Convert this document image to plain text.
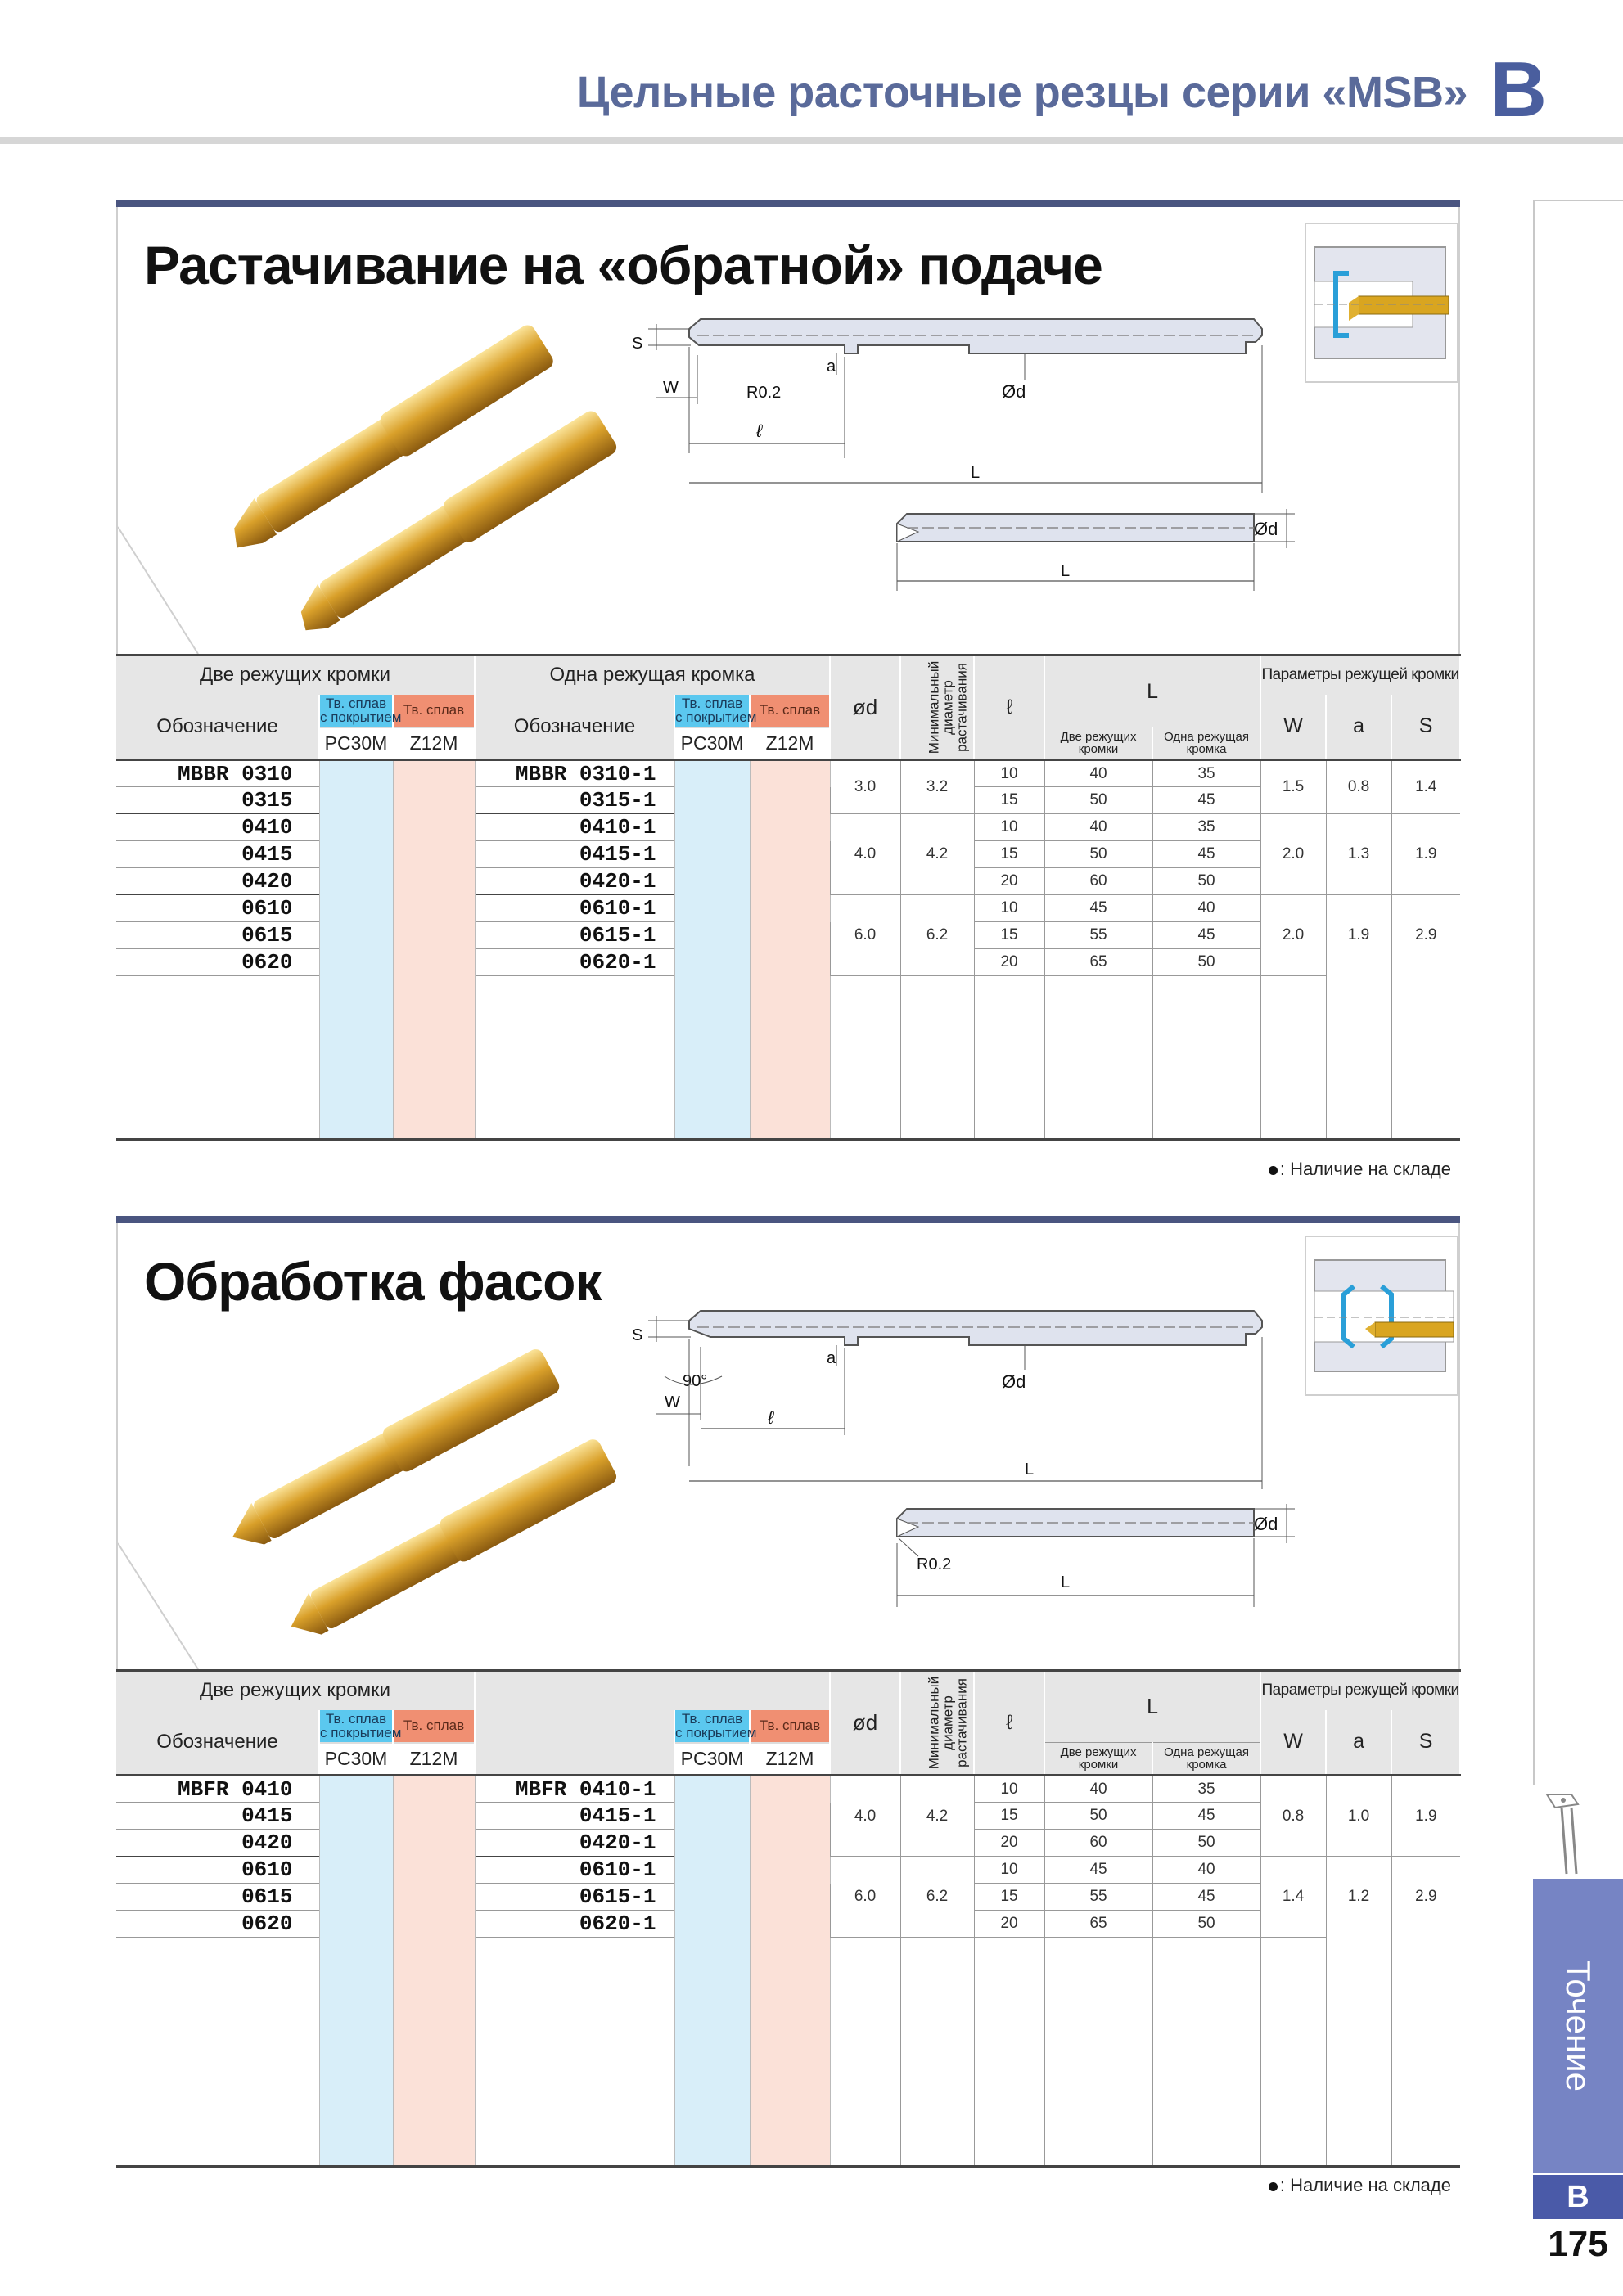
Цельные расточные резцы серии «MSB» B
Точение
B
175
Растачивание на «обратной» подаче
S
a
R0.2
W	Ød
ℓ
L
Ød
L
Две режущих кромки			Одна режущая кромка			ød	Минимальный
диаметр
растачивания	ℓ	L		Параметры режущей кромки		
Обозначение	Тв. сплав
с покрытием	Тв. сплав	Обозначение	Тв. сплав
с покрытием	Тв. сплав						W	a	S
	PC30M	Z12M		PC30M	Z12M				Две режущих
кромки	Одна режущая
кромка			
MBBR 0310			MBBR 0310-1			3.0	3.2	10	40	35	1.5	0.8	1.4
0315			0315-1					15	50	45			
0410			0410-1			4.0	4.2	10	40	35	2.0	1.3	1.9
0415			0415-1					15	50	45			
0420			0420-1					20	60	50			
0610			0610-1			6.0	6.2	10	45	40	2.0	1.9	2.9
0615			0615-1					15	55	45			
0620			0620-1					20	65	50			

: Наличие на складе
Обработка фасок
S
a
90°
W
Ød
ℓ
L
Ød
R0.2
L
Две режущих кромки						ød	Минимальный
диаметр
растачивания	ℓ	L		Параметры режущей кромки		
Обозначение	Тв. сплав
с покрытием	Тв. сплав		Тв. сплав
с покрытием	Тв. сплав						W	a	S
	PC30M	Z12M		PC30M	Z12M				Две режущих
кромки	Одна режущая
кромка			
MBFR 0410			MBFR 0410-1			4.0	4.2	10	40	35	0.8	1.0	1.9
0415			0415-1					15	50	45			
0420			0420-1					20	60	50			
0610			0610-1			6.0	6.2	10	45	40	1.4	1.2	2.9
0615			0615-1					15	55	45			
0620			0620-1					20	65	50			

: Наличие на складе
